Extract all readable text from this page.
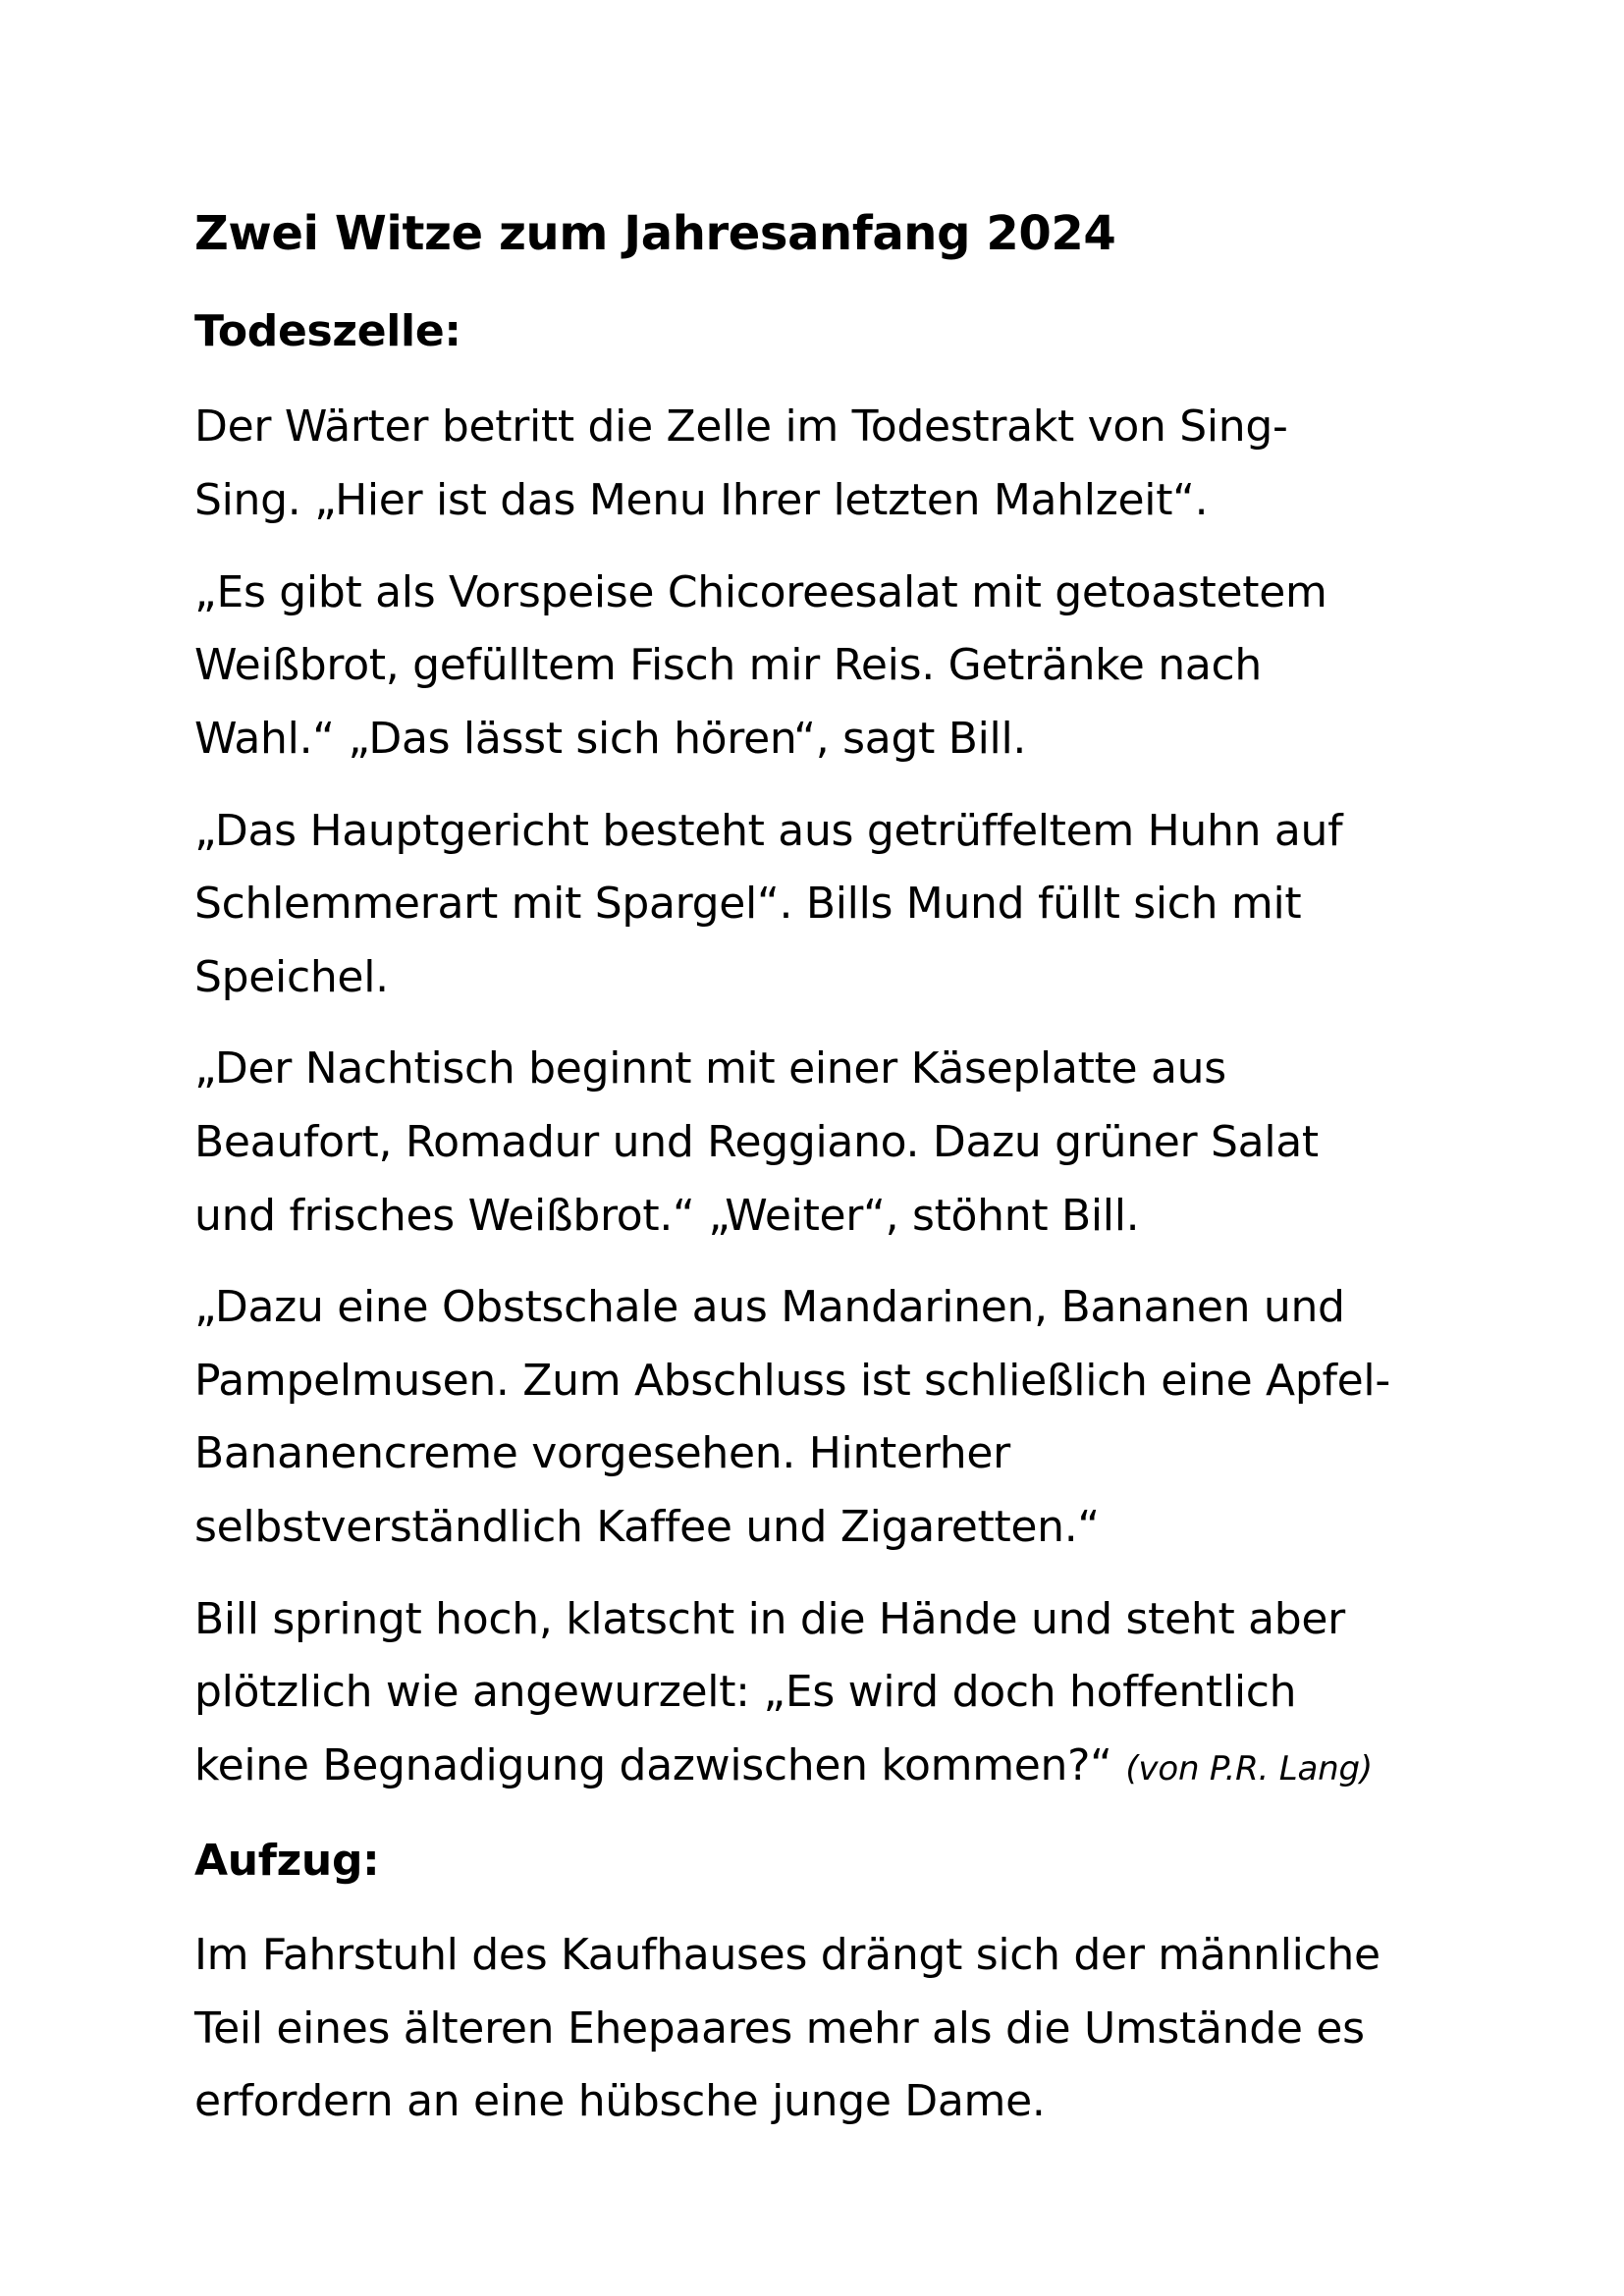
Zwei Witze zum Jahresanfang 2024
Todeszelle:
Der Wärter betritt die Zelle im Todestrakt von Sing-
Sing. „Hier ist das Menu Ihrer letzten Mahlzeit“.
„Es gibt als Vorspeise Chicoreesalat mit getoastetem
Weißbrot, gefülltem Fisch mir Reis. Getränke nach
Wahl.“ „Das lässt sich hören“, sagt Bill.
„Das Hauptgericht besteht aus getrüffeltem Huhn auf
Schlemmerart mit Spargel“. Bills Mund füllt sich mit
Speichel.
„Der Nachtisch beginnt mit einer Käseplatte aus
Beaufort, Romadur und Reggiano. Dazu grüner Salat
und frisches Weißbrot.“ „Weiter“, stöhnt Bill.
„Dazu eine Obstschale aus Mandarinen, Bananen und
Pampelmusen. Zum Abschluss ist schließlich eine Apfel-
Bananencreme vorgesehen. Hinterher
selbstverständlich Kaffee und Zigaretten.“
Bill springt hoch, klatscht in die Hände und steht aber
plötzlich wie angewurzelt: „Es wird doch hoffentlich
keine Begnadigung dazwischen kommen?“ (von P.R. Lang)
Aufzug:
Im Fahrstuhl des Kaufhauses drängt sich der männliche
Teil eines älteren Ehepaares mehr als die Umstände es
erfordern an eine hübsche junge Dame.
